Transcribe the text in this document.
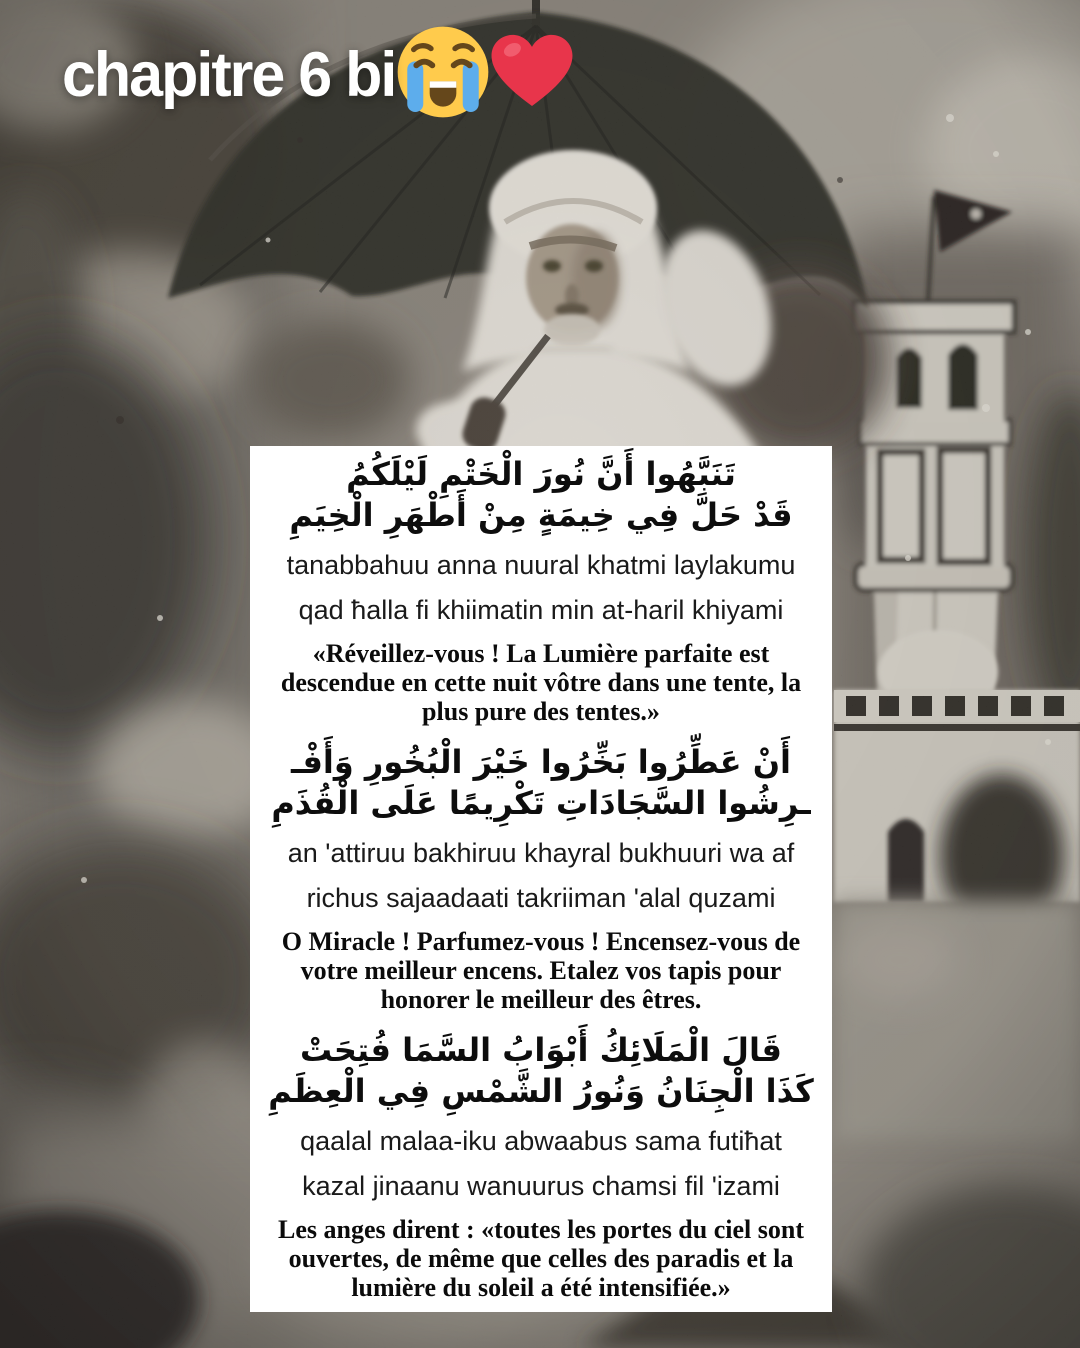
chapitre 6 bi
تَنَبَّهُوا أَنَّ نُورَ الْخَتْمِ لَيْلَكُمُ
قَدْ حَلَّ فِي خِيمَةٍ مِنْ أَطْهَرِ الْخِيَمِ
tanabbahuu anna nuural khatmi laylakumu
qad ħalla fi khiimatin min at-haril khiyami
«Réveillez-vous ! La Lumière parfaite est descendue en cette nuit vôtre dans une tente, la plus pure des tentes.»
أَنْ عَطِّرُوا بَخِّرُوا خَيْرَ الْبُخُورِ وَأَفْـ
ـرِشُوا السَّجَادَاتِ تَكْرِيمًا عَلَى الْقُذَمِ
an 'attiruu bakhiruu khayral bukhuuri wa af
richus sajaadaati takriiman 'alal quzami
O Miracle ! Parfumez-vous ! Encensez-vous de votre meilleur encens. Etalez vos tapis pour honorer le meilleur des êtres.
قَالَ الْمَلَائِكُ أَبْوَابُ السَّمَا فُتِحَتْ
كَذَا الْجِنَانُ وَنُورُ الشَّمْسِ فِي الْعِظَمِ
qaalal malaa-iku abwaabus sama futiħat
kazal jinaanu wanuurus chamsi fil 'izami
Les anges dirent : «toutes les portes du ciel sont ouvertes, de même que celles des paradis et la lumière du soleil a été intensifiée.»
